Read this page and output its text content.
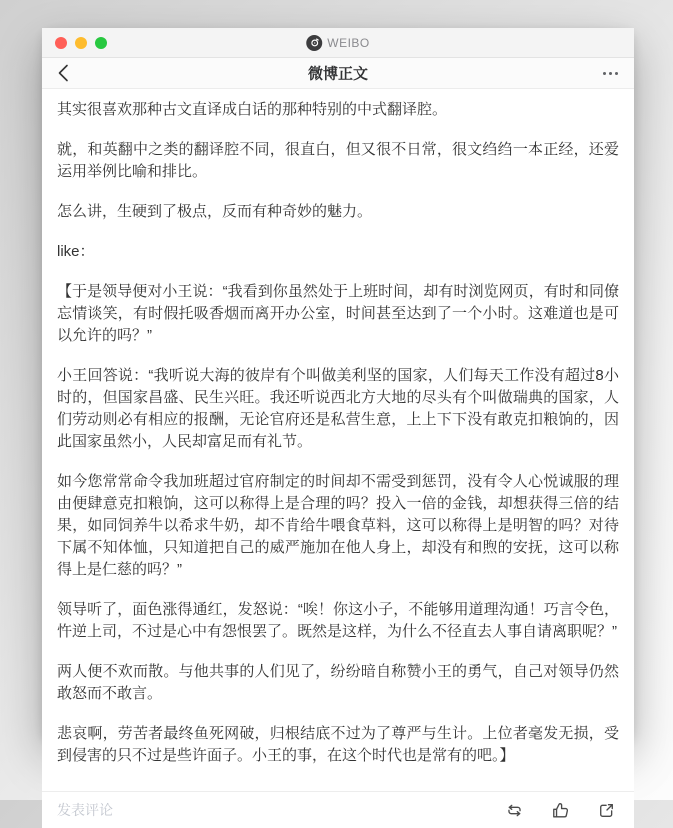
WEIBO
微博正文

其实很喜欢那种古文直译成白话的那种特别的中式翻译腔。

就，和英翻中之类的翻译腔不同，很直白，但又很不日常，很文绉绉一本正经，还爱运用举例比喻和排比。

怎么讲，生硬到了极点，反而有种奇妙的魅力。

like：

【于是领导便对小王说：“我看到你虽然处于上班时间，却有时浏览网页，有时和同僚忘情谈笑，有时假托吸香烟而离开办公室，时间甚至达到了一个小时。这难道也是可以允许的吗？”

小王回答说：“我听说大海的彼岸有个叫做美利坚的国家，人们每天工作没有超过8小时的，但国家昌盛、民生兴旺。我还听说西北方大地的尽头有个叫做瑞典的国家，人们劳动则必有相应的报酬，无论官府还是私营生意，上上下下没有敢克扣粮饷的，因此国家虽然小，人民却富足而有礼节。

如今您常常命令我加班超过官府制定的时间却不需受到惩罚，没有令人心悦诚服的理由便肆意克扣粮饷，这可以称得上是合理的吗？投入一倍的金钱，却想获得三倍的结果，如同饲养牛以希求牛奶，却不肯给牛喂食草料，这可以称得上是明智的吗？对待下属不知体恤，只知道把自己的威严施加在他人身上，却没有和煦的安抚，这可以称得上是仁慈的吗？”

领导听了，面色涨得通红，发怒说：“唉！你这小子，不能够用道理沟通！巧言令色，忤逆上司，不过是心中有怨恨罢了。既然是这样，为什么不径直去人事自请离职呢？”

两人便不欢而散。与他共事的人们见了，纷纷暗自称赞小王的勇气，自己对领导仍然敢怒而不敢言。

悲哀啊，劳苦者最终鱼死网破，归根结底不过为了尊严与生计。上位者毫发无损，受到侵害的只不过是些许面子。小王的事，在这个时代也是常有的吧。】

发表评论
